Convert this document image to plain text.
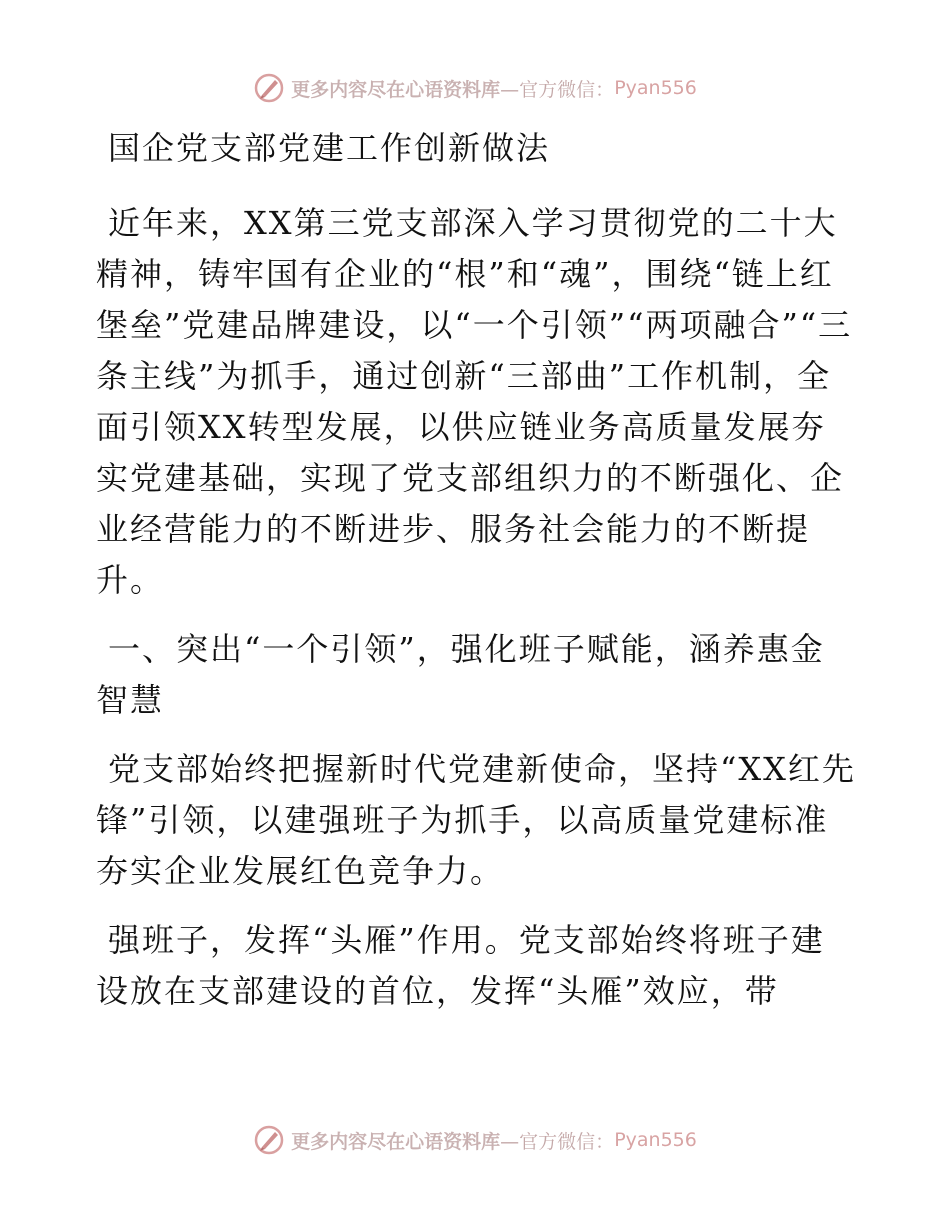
更多内容尽在心语资料库 —官方微信： Pyan556
国企党支部党建工作创新做法

近年来，XX第三党支部深入学习贯彻党的二十大精神，铸牢国有企业的“根”和“魂”，围绕“链上红堡垒”党建品牌建设，以“一个引领”“两项融合”“三条主线”为抓手，通过创新“三部曲”工作机制，全面引领XX转型发展，以供应链业务高质量发展夯实党建基础，实现了党支部组织力的不断强化、企业经营能力的不断进步、服务社会能力的不断提升。

一、突出“一个引领”，强化班子赋能，涵养惠金智慧

党支部始终把握新时代党建新使命，坚持“XX红先锋”引领，以建强班子为抓手，以高质量党建标准夯实企业发展红色竞争力。

强班子，发挥“头雁”作用。党支部始终将班子建设放在支部建设的首位，发挥“头雁”效应，带

更多内容尽在心语资料库 —官方微信： Pyan556
